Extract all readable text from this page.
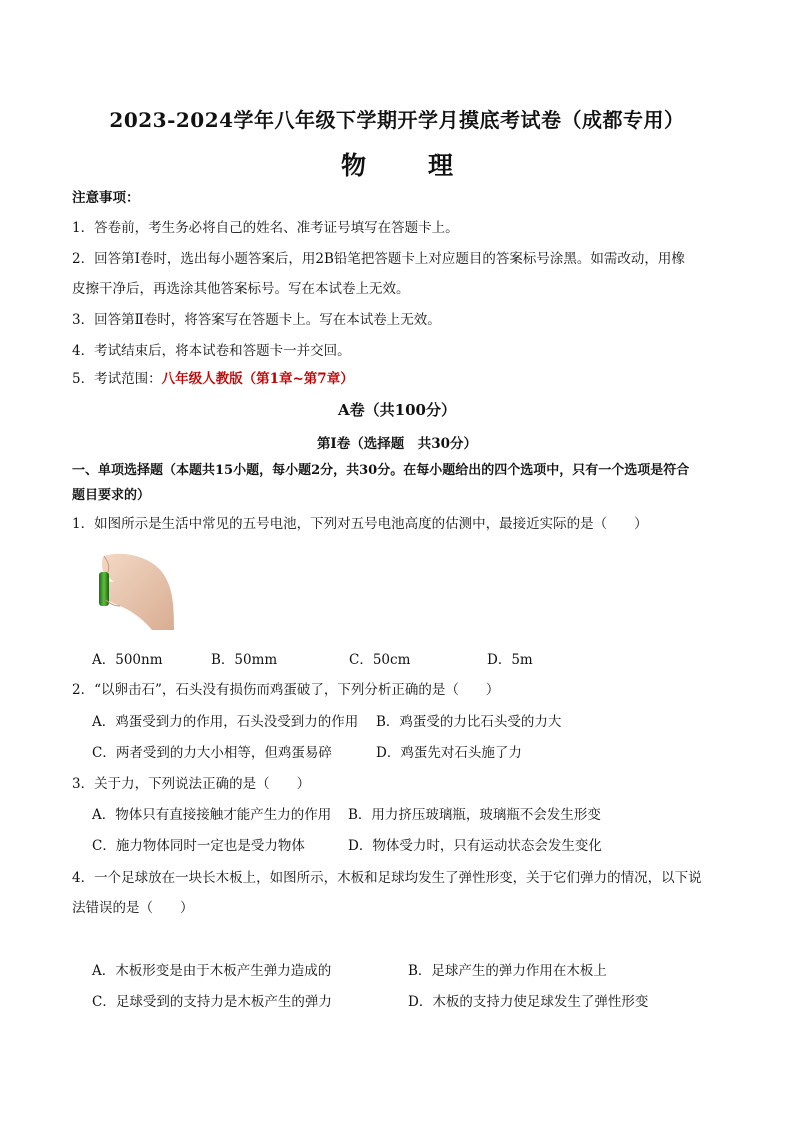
2023-2024学年八年级下学期开学月摸底考试卷（成都专用）
物 理
注意事项：
1．答卷前，考生务必将自己的姓名、准考证号填写在答题卡上。
2．回答第Ⅰ卷时，选出每小题答案后，用2B铅笔把答题卡上对应题目的答案标号涂黑。如需改动，用橡
皮擦干净后，再选涂其他答案标号。写在本试卷上无效。
3．回答第Ⅱ卷时，将答案写在答题卡上。写在本试卷上无效。
4．考试结束后，将本试卷和答题卡一并交回。
5．考试范围：八年级人教版（第1章~第7章）
A卷（共100分）
第Ⅰ卷（选择题　共30分）
一、单项选择题（本题共15小题，每小题2分，共30分。在每小题给出的四个选项中，只有一个选项是符合
题目要求的）
1．如图所示是生活中常见的五号电池，下列对五号电池高度的估测中，最接近实际的是（　　）
A．500nm	B．50mm	C．50cm	D．5m
2．“以卵击石”，石头没有损伤而鸡蛋破了，下列分析正确的是（　　）
A．鸡蛋受到力的作用，石头没受到力的作用 B．鸡蛋受的力比石头受的力大
C．两者受到的力大小相等，但鸡蛋易碎	D．鸡蛋先对石头施了力
3．关于力，下列说法正确的是（　　）
A．物体只有直接接触才能产生力的作用 B．用力挤压玻璃瓶，玻璃瓶不会发生形变
C．施力物体同时一定也是受力物体	D．物体受力时，只有运动状态会发生变化
4．一个足球放在一块长木板上，如图所示，木板和足球均发生了弹性形变，关于它们弹力的情况，以下说
法错误的是（　　）
A．木板形变是由于木板产生弹力造成的	B．足球产生的弹力作用在木板上
C．足球受到的支持力是木板产生的弹力	D．木板的支持力使足球发生了弹性形变
